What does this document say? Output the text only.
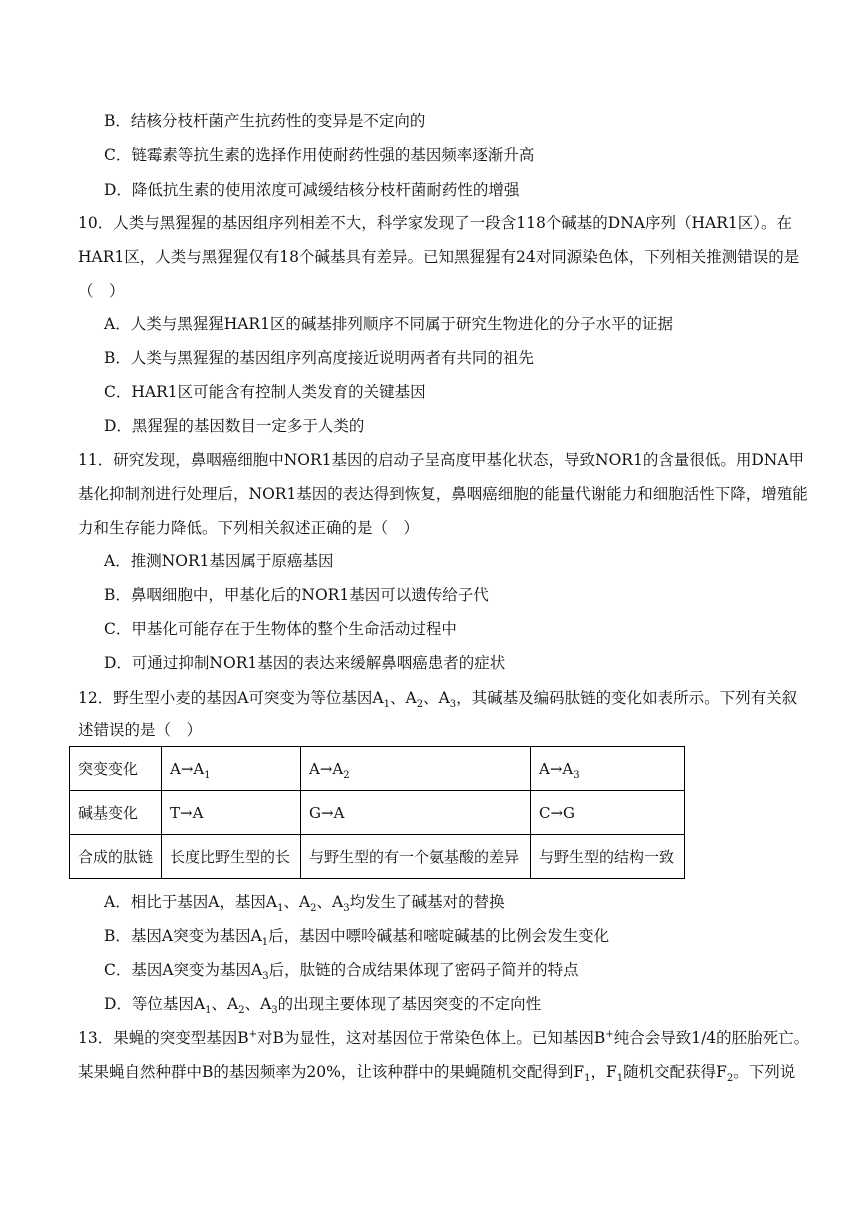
B．结核分枝杆菌产生抗药性的变异是不定向的
C．链霉素等抗生素的选择作用使耐药性强的基因频率逐渐升高
D．降低抗生素的使用浓度可减缓结核分枝杆菌耐药性的增强
10．人类与黑猩猩的基因组序列相差不大，科学家发现了一段含118个碱基的DNA序列（HAR1区）。在
HAR1区，人类与黑猩猩仅有18个碱基具有差异。已知黑猩猩有24对同源染色体，下列相关推测错误的是
（　）
A．人类与黑猩猩HAR1区的碱基排列顺序不同属于研究生物进化的分子水平的证据
B．人类与黑猩猩的基因组序列高度接近说明两者有共同的祖先
C．HAR1区可能含有控制人类发育的关键基因
D．黑猩猩的基因数目一定多于人类的
11．研究发现，鼻咽癌细胞中NOR1基因的启动子呈高度甲基化状态，导致NOR1的含量很低。用DNA甲
基化抑制剂进行处理后，NOR1基因的表达得到恢复，鼻咽癌细胞的能量代谢能力和细胞活性下降，增殖能
力和生存能力降低。下列相关叙述正确的是（　）
A．推测NOR1基因属于原癌基因
B．鼻咽细胞中，甲基化后的NOR1基因可以遗传给子代
C．甲基化可能存在于生物体的整个生命活动过程中
D．可通过抑制NOR1基因的表达来缓解鼻咽癌患者的症状
12．野生型小麦的基因A可突变为等位基因$A_1$、$A_2$、$A_3$，其碱基及编码肽链的变化如表所示。下列有关叙
述错误的是（　）
突变变化	$A\to A_1$	$A\to A_2$	$A\to A_3$
碱基变化	T→A	G→A	C→G
合成的肽链	长度比野生型的长	与野生型的有一个氨基酸的差异	与野生型的结构一致
A．相比于基因A，基因$A_1$、$A_2$、$A_3$均发生了碱基对的替换
B．基因A突变为基因$A_1$后，基因中嘌呤碱基和嘧啶碱基的比例会发生变化
C．基因A突变为基因$A_3$后，肽链的合成结果体现了密码子简并的特点
D．等位基因$A_1$、$A_2$、$A_3$的出现主要体现了基因突变的不定向性
13．果蝇的突变型基因B+对B为显性，这对基因位于常染色体上。已知基因B+纯合会导致1/4的胚胎死亡。
某果蝇自然种群中B的基因频率为20%，让该种群中的果蝇随机交配得到$F_1$，$F_1$随机交配获得$F_2$。下列说
